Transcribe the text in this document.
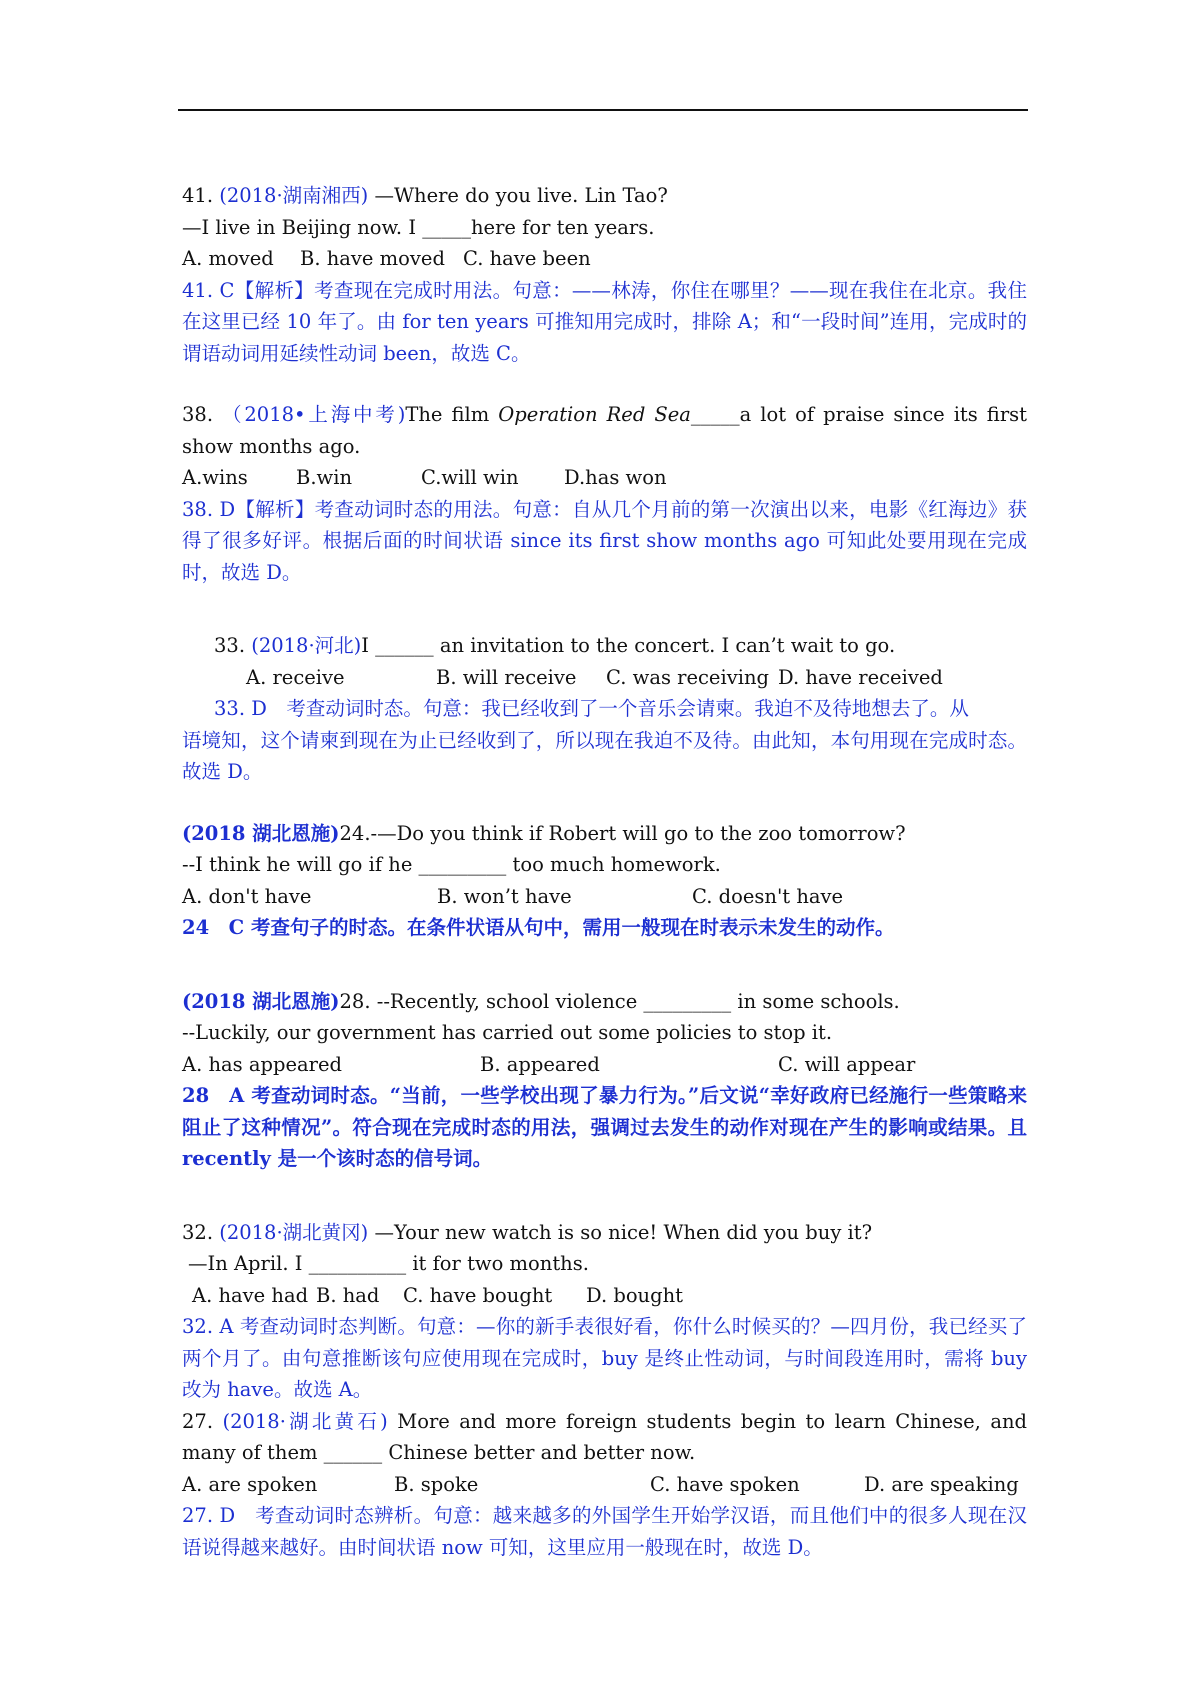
41. (2018·湖南湘西) —Where do you live. Lin Tao?
—I live in Beijing now. I _____here for ten years.
A. moved B. have moved C. have been
41. C【解析】考查现在完成时用法。句意：——林涛，你住在哪里？——现在我住在北京。我住在这里已经 10 年了。由 for ten years 可推知用完成时，排除 A；和“一段时间”连用，完成时的谓语动词用延续性动词 been，故选 C。
38. （2018•上海中考)The film Operation Red Sea_____a lot of praise since its first show months ago.
A.wins B.win	C.will win D.has won
38. D【解析】考查动词时态的用法。句意：自从几个月前的第一次演出以来，电影《红海边》获得了很多好评。根据后面的时间状语 since its first show months ago 可知此处要用现在完成时，故选 D。
33. (2018·河北)I ______ an invitation to the concert. I can’t wait to go.
A. receive	B. will receive C. was receiving D. have received
33. D　考查动词时态。句意：我已经收到了一个音乐会请柬。我迫不及待地想去了。从
语境知，这个请柬到现在为止已经收到了，所以现在我迫不及待。由此知，本句用现在完成时态。故选 D。
(2018 湖北恩施)24.-—Do you think if Robert will go to the zoo tomorrow?
--I think he will go if he _________ too much homework.
A. don't have	B. won’t have	C. doesn't have
24　C 考查句子的时态。在条件状语从句中，需用一般现在时表示未发生的动作。
(2018 湖北恩施)28. --Recently, school violence _________ in some schools.
--Luckily, our government has carried out some policies to stop it.
A. has appeared	B. appeared	C. will appear
28　A 考查动词时态。“当前，一些学校出现了暴力行为。”后文说“幸好政府已经施行一些策略来阻止了这种情况”。符合现在完成时态的用法，强调过去发生的动作对现在产生的影响或结果。且 recently 是一个该时态的信号词。
32. (2018·湖北黄冈) —Your new watch is so nice! When did you buy it?
—In April. I __________ it for two months.
A. have had B. had C. have bought D. bought
32. A 考查动词时态判断。句意：—你的新手表很好看，你什么时候买的？—四月份，我已经买了两个月了。由句意推断该句应使用现在完成时，buy 是终止性动词，与时间段连用时，需将 buy 改为 have。故选 A。
27. (2018·湖北黄石) More and more foreign students begin to learn Chinese, and many of them ______ Chinese better and better now.
A. are spoken	B. spoke	C. have spoken	D. are speaking
27. D　考查动词时态辨析。句意：越来越多的外国学生开始学汉语，而且他们中的很多人现在汉语说得越来越好。由时间状语 now 可知，这里应用一般现在时，故选 D。
